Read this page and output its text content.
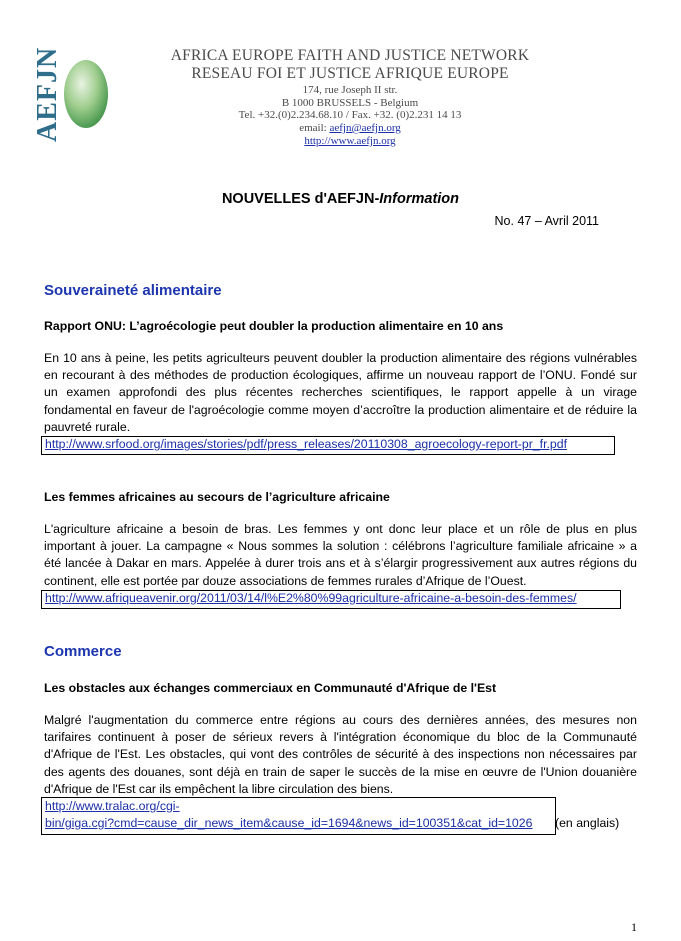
AEFJN	AFRICA EUROPE FAITH AND JUSTICE NETWORK
RESEAU FOI ET JUSTICE AFRIQUE EUROPE
174, rue Joseph II str.
B 1000 BRUSSELS - Belgium
Tel. +32.(0)2.234.68.10 / Fax. +32. (0)2.231 14 13
email: aefjn@aefjn.org
http://www.aefjn.org
NOUVELLES d'AEFJN-Information
No. 47 – Avril 2011
Souveraineté alimentaire
Rapport ONU: L’agroécologie peut doubler la production alimentaire en 10 ans
En 10 ans à peine, les petits agriculteurs peuvent doubler la production alimentaire des régions vulnérables en recourant à des méthodes de production écologiques, affirme un nouveau rapport de l’ONU. Fondé sur un examen approfondi des plus récentes recherches scientifiques, le rapport appelle à un virage fondamental en faveur de l'agroécologie comme moyen d’accroître la production alimentaire et de réduire la pauvreté rurale.
http://www.srfood.org/images/stories/pdf/press_releases/20110308_agroecology-report-pr_fr.pdf
Les femmes africaines au secours de l’agriculture africaine
L'agriculture africaine a besoin de bras. Les femmes y ont donc leur place et un rôle de plus en plus important à jouer. La campagne « Nous sommes la solution : célébrons l’agriculture familiale africaine » a été lancée à Dakar en mars. Appelée à durer trois ans et à s’élargir progressivement aux autres régions du continent, elle est portée par douze associations de femmes rurales d’Afrique de l’Ouest.
http://www.afriqueavenir.org/2011/03/14/l%E2%80%99agriculture-africaine-a-besoin-des-femmes/
Commerce
Les obstacles aux échanges commerciaux en Communauté d'Afrique de l'Est
Malgré l'augmentation du commerce entre régions au cours des dernières années, des mesures non tarifaires continuent à poser de sérieux revers à l'intégration économique du bloc de la Communauté d'Afrique de l'Est. Les obstacles, qui vont des contrôles de sécurité à des inspections non nécessaires par des agents des douanes, sont déjà en train de saper le succès de la mise en œuvre de l'Union douanière d'Afrique de l'Est car ils empêchent la libre circulation des biens.
http://www.tralac.org/cgi-
bin/giga.cgi?cmd=cause_dir_news_item&cause_id=1694&news_id=100351&cat_id=1026 (en anglais)
1
